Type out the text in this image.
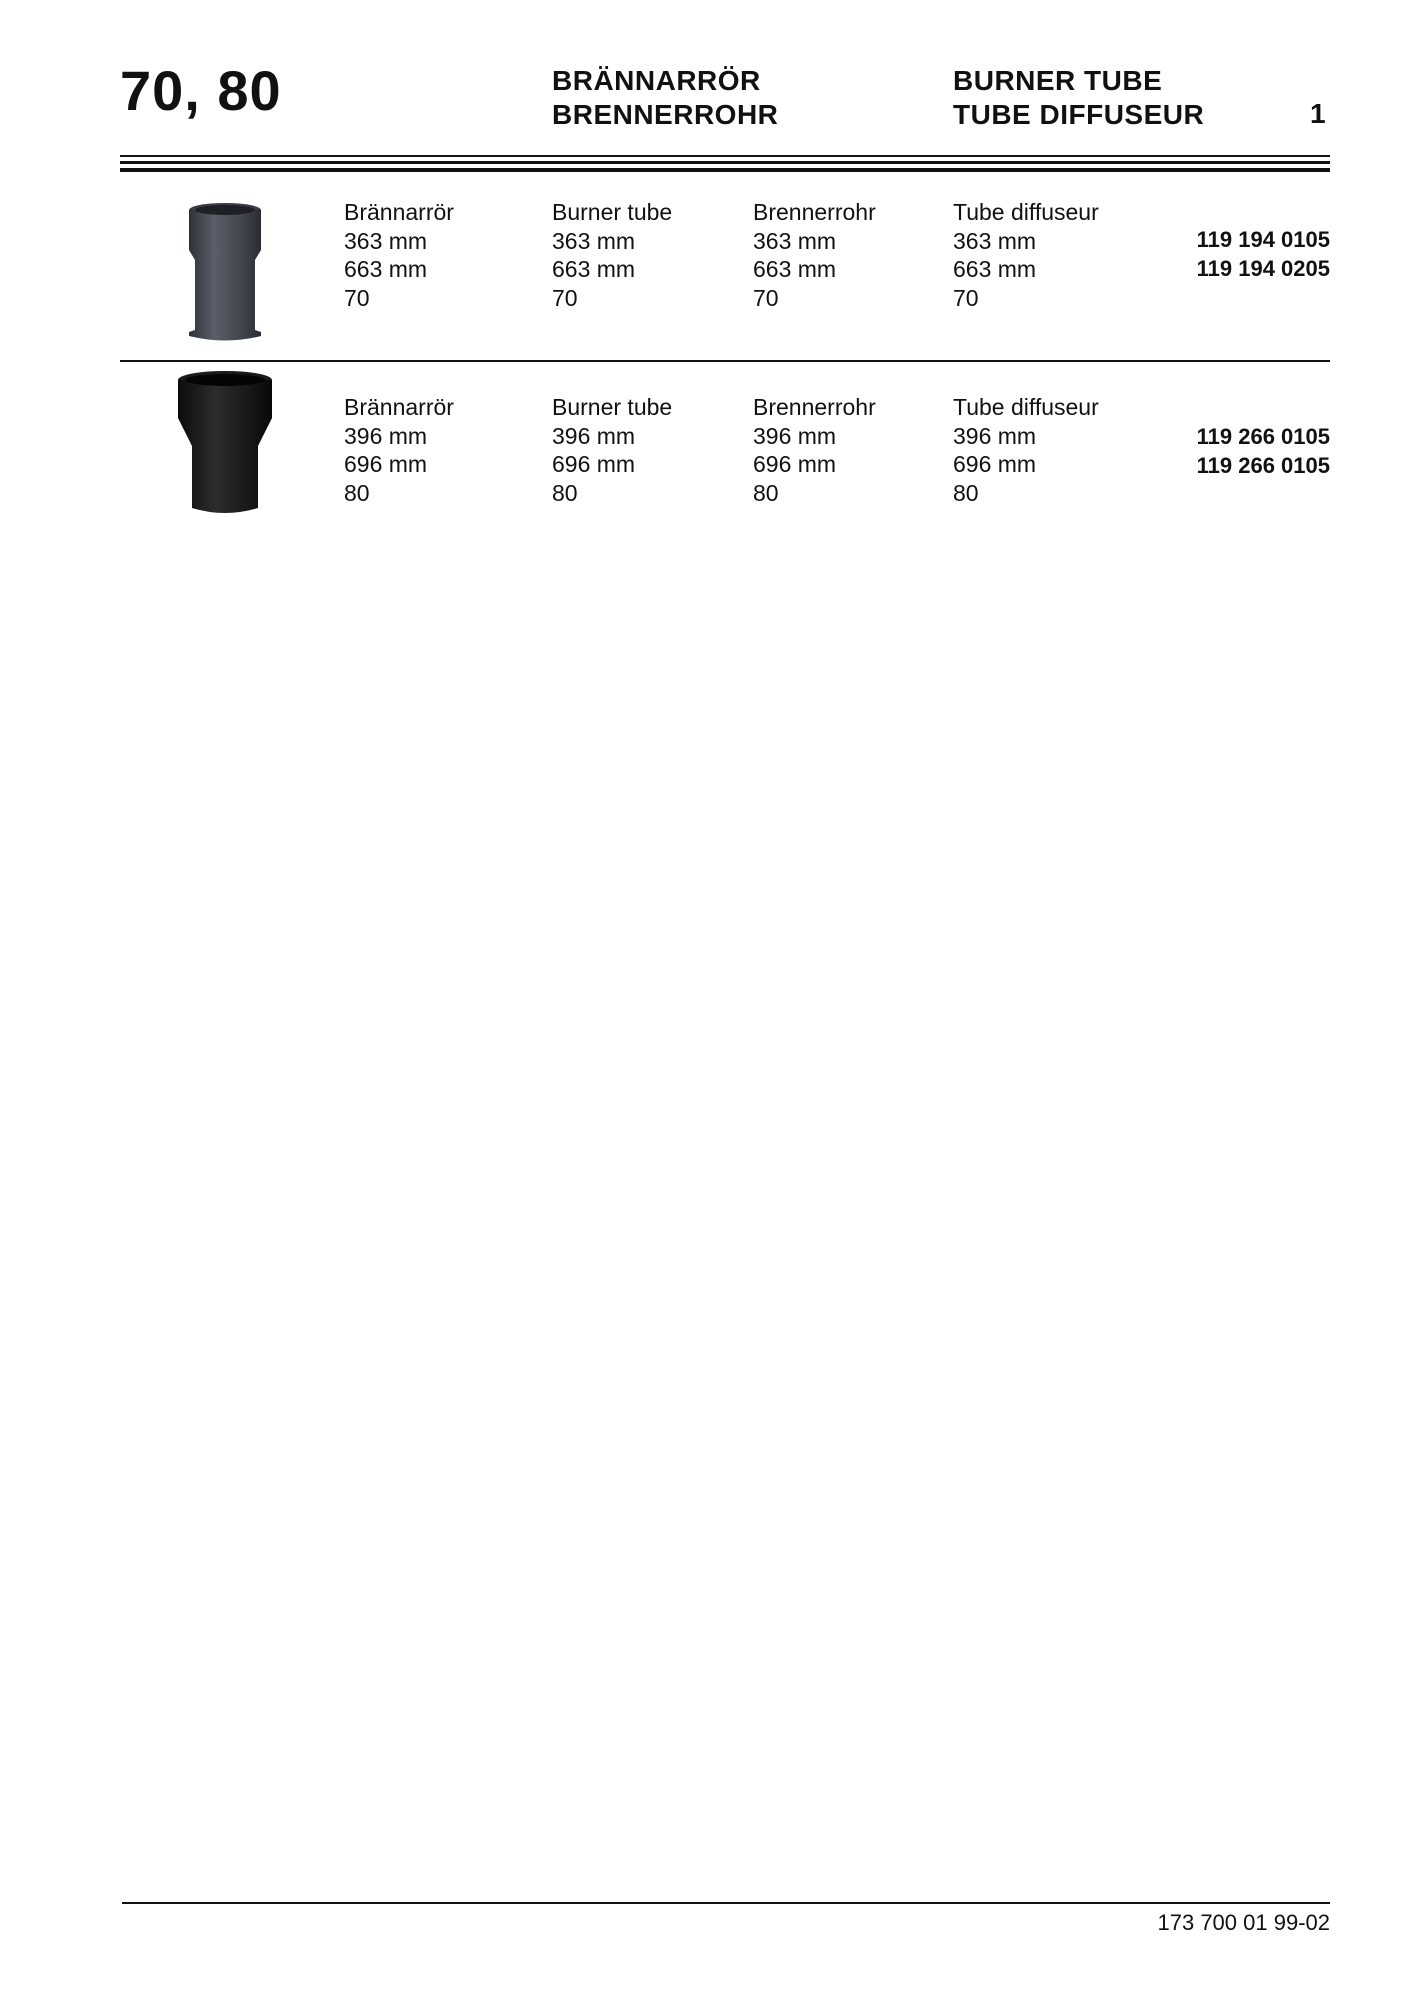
70, 80	BRÄNNARRÖR
BRENNERROHR
BURNER TUBE
TUBE DIFFUSEUR	1
Brännarrör
363 mm
663 mm
70
Burner tube
363 mm
663 mm
70
Brennerrohr
363 mm
663 mm
70
Tube diffuseur
363 mm
663 mm
70
119 194 0105
119 194 0205
Brännarrör
396 mm
696 mm
80
Burner tube
396 mm
696 mm
80
Brennerrohr
396 mm
696 mm
80
Tube diffuseur
396 mm
696 mm
80
119 266 0105
119 266 0105
173 700 01 99-02
